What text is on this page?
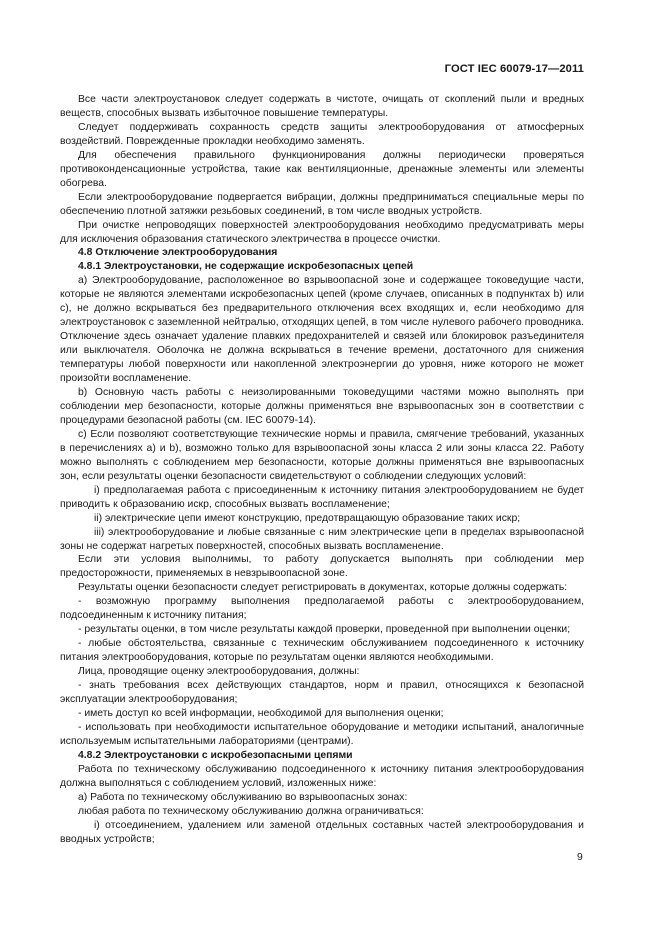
ГОСТ IEC 60079-17—2011

Все части электроустановок следует содержать в чистоте, очищать от скоплений пыли и вредных веществ, способных вызвать избыточное повышение температуры.

Следует поддерживать сохранность средств защиты электрооборудования от атмосферных воздействий. Поврежденные прокладки необходимо заменять.

Для обеспечения правильного функционирования должны периодически проверяться противоконденсационные устройства, такие как вентиляционные, дренажные элементы или элементы обогрева.

Если электрооборудование подвергается вибрации, должны предприниматься специальные меры по обеспечению плотной затяжки резьбовых соединений, в том числе вводных устройств.

При очистке непроводящих поверхностей электрооборудования необходимо предусматривать меры для исключения образования статического электричества в процессе очистки.

4.8 Отключение электрооборудования

4.8.1 Электроустановки, не содержащие искробезопасных цепей

a) Электрооборудование, расположенное во взрывоопасной зоне и содержащее токоведущие части, которые не являются элементами искробезопасных цепей (кроме случаев, описанных в подпунктах b) или c), не должно вскрываться без предварительного отключения всех входящих и, если необходимо для электроустановок с заземленной нейтралью, отходящих цепей, в том числе нулевого рабочего проводника. Отключение здесь означает удаление плавких предохранителей и связей или блокировок разъединителя или выключателя. Оболочка не должна вскрываться в течение времени, достаточного для снижения температуры любой поверхности или накопленной электроэнергии до уровня, ниже которого не может произойти воспламенение.

b) Основную часть работы с неизолированными токоведущими частями можно выполнять при соблюдении мер безопасности, которые должны применяться вне взрывоопасных зон в соответствии с процедурами безопасной работы (см. IEC 60079-14).

c) Если позволяют соответствующие технические нормы и правила, смягчение требований, указанных в перечислениях a) и b), возможно только для взрывоопасной зоны класса 2 или зоны класса 22. Работу можно выполнять с соблюдением мер безопасности, которые должны применяться вне взрывоопасных зон, если результаты оценки безопасности свидетельствуют о соблюдении следующих условий:

i) предполагаемая работа с присоединенным к источнику питания электрооборудованием не будет приводить к образованию искр, способных вызвать воспламенение;

ii) электрические цепи имеют конструкцию, предотвращающую образование таких искр;

iii) электрооборудование и любые связанные с ним электрические цепи в пределах взрывоопасной зоны не содержат нагретых поверхностей, способных вызвать воспламенение.

Если эти условия выполнимы, то работу допускается выполнять при соблюдении мер предосторожности, применяемых в невзрывоопасной зоне.

Результаты оценки безопасности следует регистрировать в документах, которые должны содержать:

- возможную программу выполнения предполагаемой работы с электрооборудованием, подсоединенным к источнику питания;

- результаты оценки, в том числе результаты каждой проверки, проведенной при выполнении оценки;

- любые обстоятельства, связанные с техническим обслуживанием подсоединенного к источнику питания электрооборудования, которые по результатам оценки являются необходимыми.

Лица, проводящие оценку электрооборудования, должны:

- знать требования всех действующих стандартов, норм и правил, относящихся к безопасной эксплуатации электрооборудования;

- иметь доступ ко всей информации, необходимой для выполнения оценки;

- использовать при необходимости испытательное оборудование и методики испытаний, аналогичные используемым испытательными лабораториями (центрами).

4.8.2 Электроустановки с искробезопасными цепями

Работа по техническому обслуживанию подсоединенного к источнику питания электрооборудования должна выполняться с соблюдением условий, изложенных ниже:

a) Работа по техническому обслуживанию во взрывоопасных зонах:

любая работа по техническому обслуживанию должна ограничиваться:

i) отсоединением, удалением или заменой отдельных составных частей электрооборудования и вводных устройств;

9
